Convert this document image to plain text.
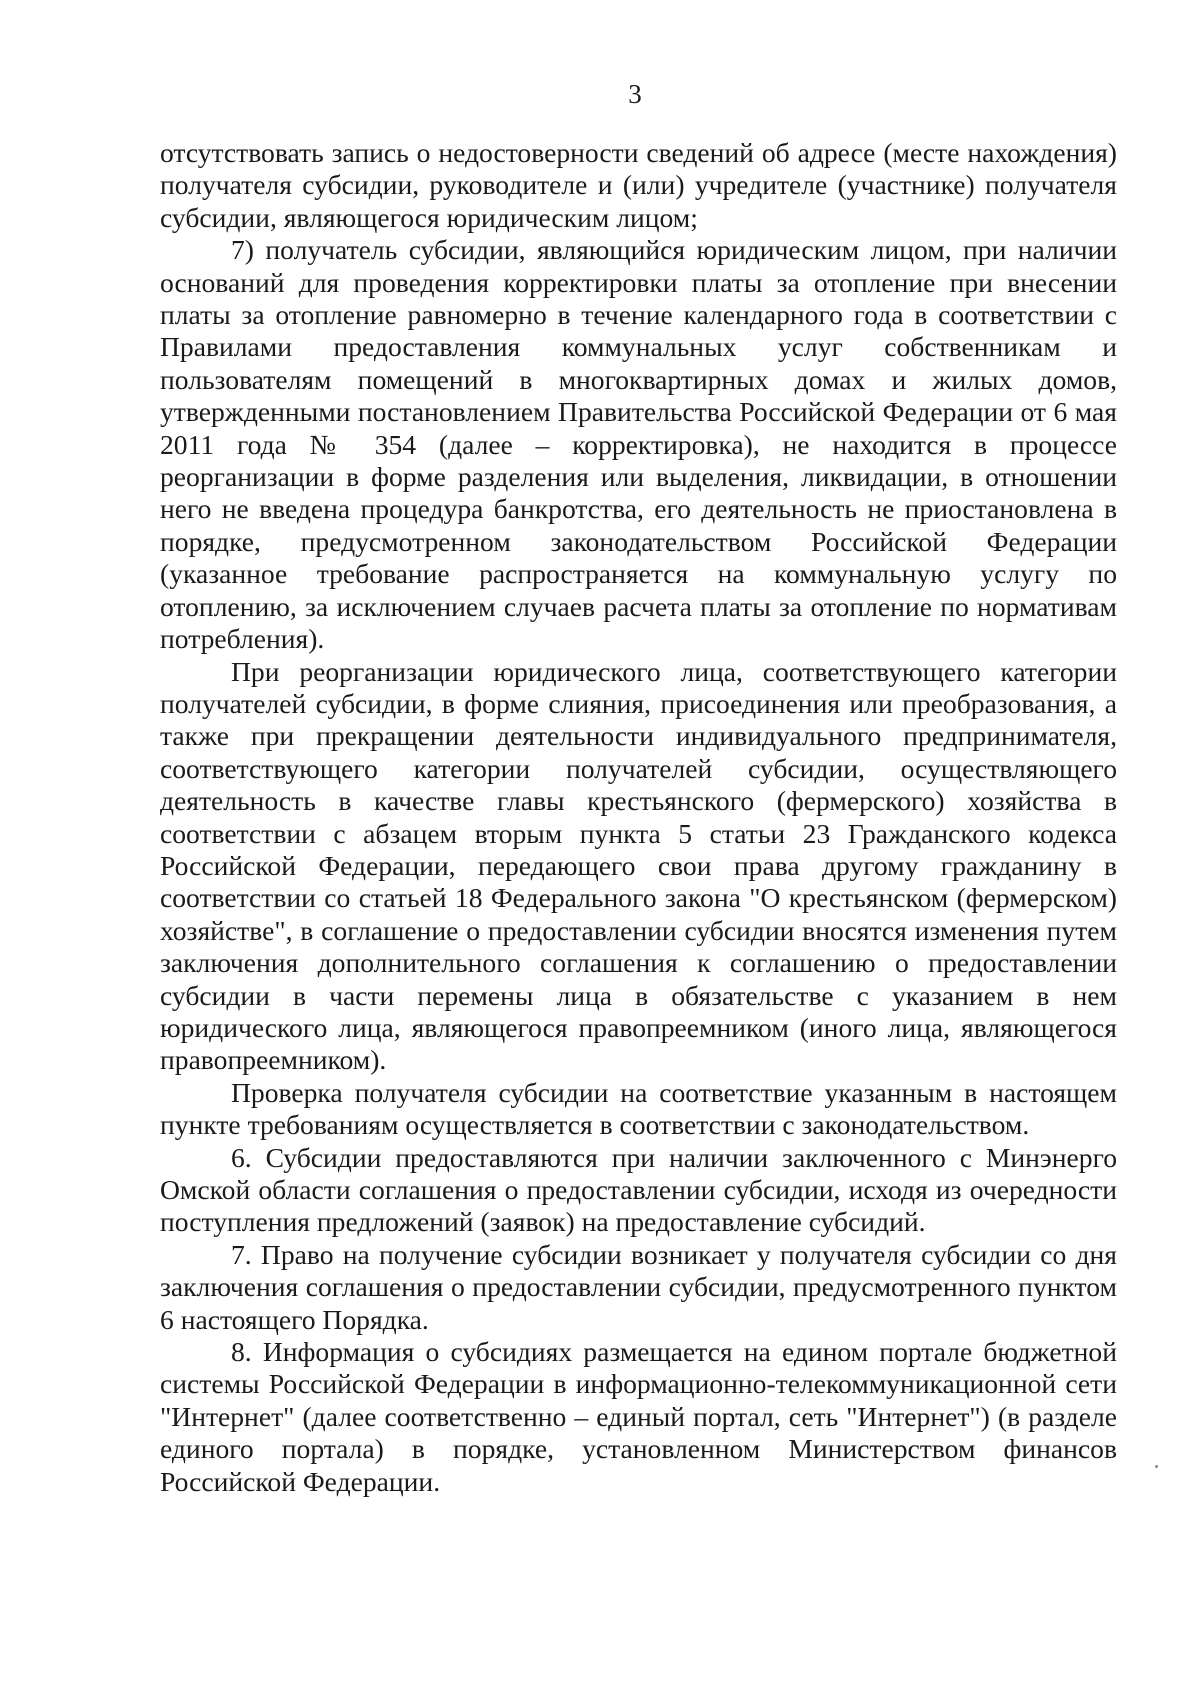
3

отсутствовать запись о недостоверности сведений об адресе (месте нахождения) получателя субсидии, руководителе и (или) учредителе (участнике) получателя субсидии, являющегося юридическим лицом;

7) получатель субсидии, являющийся юридическим лицом, при наличии оснований для проведения корректировки платы за отопление при внесении платы за отопление равномерно в течение календарного года в соответствии с Правилами предоставления коммунальных услуг собственникам и пользователям помещений в многоквартирных домах и жилых домов, утвержденными постановлением Правительства Российской Федерации от 6 мая 2011 года № 354 (далее – корректировка), не находится в процессе реорганизации в форме разделения или выделения, ликвидации, в отношении него не введена процедура банкротства, его деятельность не приостановлена в порядке, предусмотренном законодательством Российской Федерации (указанное требование распространяется на коммунальную услугу по отоплению, за исключением случаев расчета платы за отопление по нормативам потребления).

При реорганизации юридического лица, соответствующего категории получателей субсидии, в форме слияния, присоединения или преобразования, а также при прекращении деятельности индивидуального предпринимателя, соответствующего категории получателей субсидии, осуществляющего деятельность в качестве главы крестьянского (фермерского) хозяйства в соответствии с абзацем вторым пункта 5 статьи 23 Гражданского кодекса Российской Федерации, передающего свои права другому гражданину в соответствии со статьей 18 Федерального закона "О крестьянском (фермерском) хозяйстве", в соглашение о предоставлении субсидии вносятся изменения путем заключения дополнительного соглашения к соглашению о предоставлении субсидии в части перемены лица в обязательстве с указанием в нем юридического лица, являющегося правопреемником (иного лица, являющегося правопреемником).

Проверка получателя субсидии на соответствие указанным в настоящем пункте требованиям осуществляется в соответствии с законодательством.

6. Субсидии предоставляются при наличии заключенного с Минэнерго Омской области соглашения о предоставлении субсидии, исходя из очередности поступления предложений (заявок) на предоставление субсидий.

7. Право на получение субсидии возникает у получателя субсидии со дня заключения соглашения о предоставлении субсидии, предусмотренного пунктом 6 настоящего Порядка.

8. Информация о субсидиях размещается на едином портале бюджетной системы Российской Федерации в информационно-телекоммуникационной сети "Интернет" (далее соответственно – единый портал, сеть "Интернет") (в разделе единого портала) в порядке, установленном Министерством финансов Российской Федерации.
